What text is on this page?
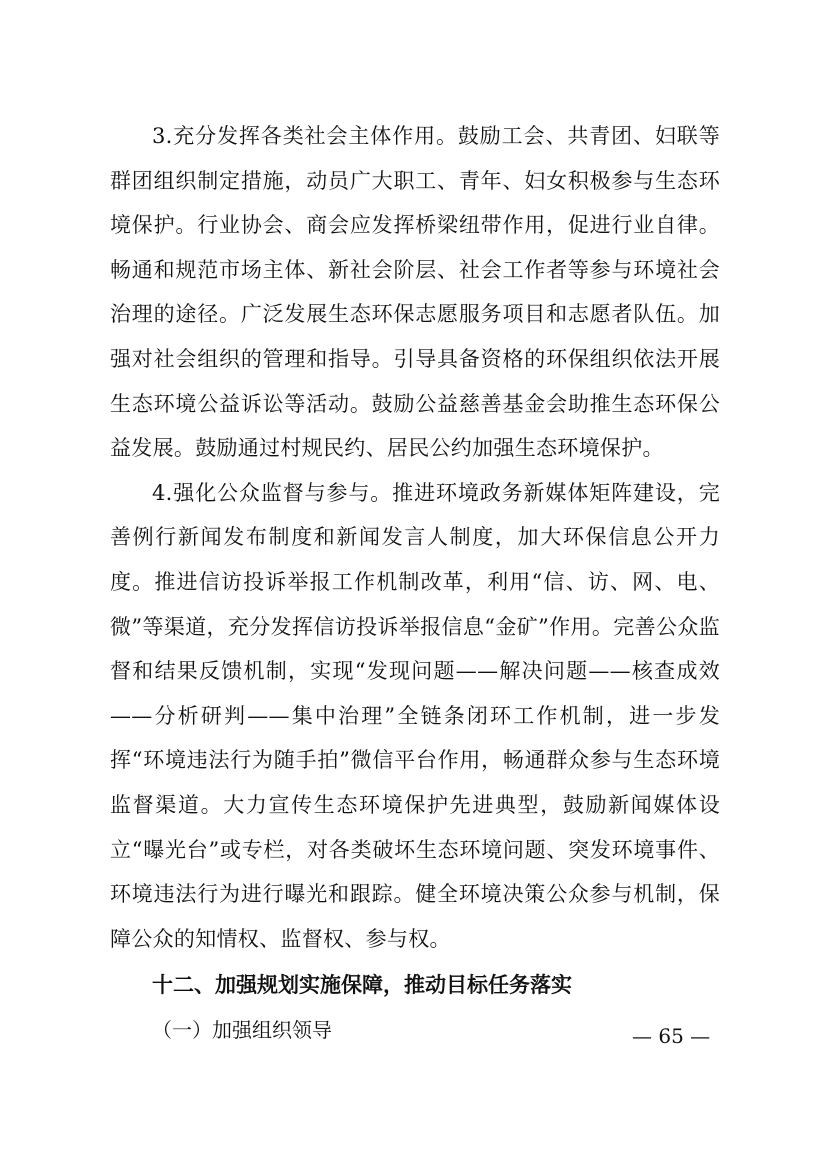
3.充分发挥各类社会主体作用。鼓励工会、共青团、妇联等群团组织制定措施，动员广大职工、青年、妇女积极参与生态环境保护。行业协会、商会应发挥桥梁纽带作用，促进行业自律。畅通和规范市场主体、新社会阶层、社会工作者等参与环境社会治理的途径。广泛发展生态环保志愿服务项目和志愿者队伍。加强对社会组织的管理和指导。引导具备资格的环保组织依法开展生态环境公益诉讼等活动。鼓励公益慈善基金会助推生态环保公益发展。鼓励通过村规民约、居民公约加强生态环境保护。

4.强化公众监督与参与。推进环境政务新媒体矩阵建设，完善例行新闻发布制度和新闻发言人制度，加大环保信息公开力度。推进信访投诉举报工作机制改革，利用“信、访、网、电、微”等渠道，充分发挥信访投诉举报信息“金矿”作用。完善公众监督和结果反馈机制，实现“发现问题——解决问题——核查成效——分析研判——集中治理”全链条闭环工作机制，进一步发挥“环境违法行为随手拍”微信平台作用，畅通群众参与生态环境监督渠道。大力宣传生态环境保护先进典型，鼓励新闻媒体设立“曝光台”或专栏，对各类破坏生态环境问题、突发环境事件、环境违法行为进行曝光和跟踪。健全环境决策公众参与机制，保障公众的知情权、监督权、参与权。

十二、加强规划实施保障，推动目标任务落实

（一）加强组织领导	— 65 —
